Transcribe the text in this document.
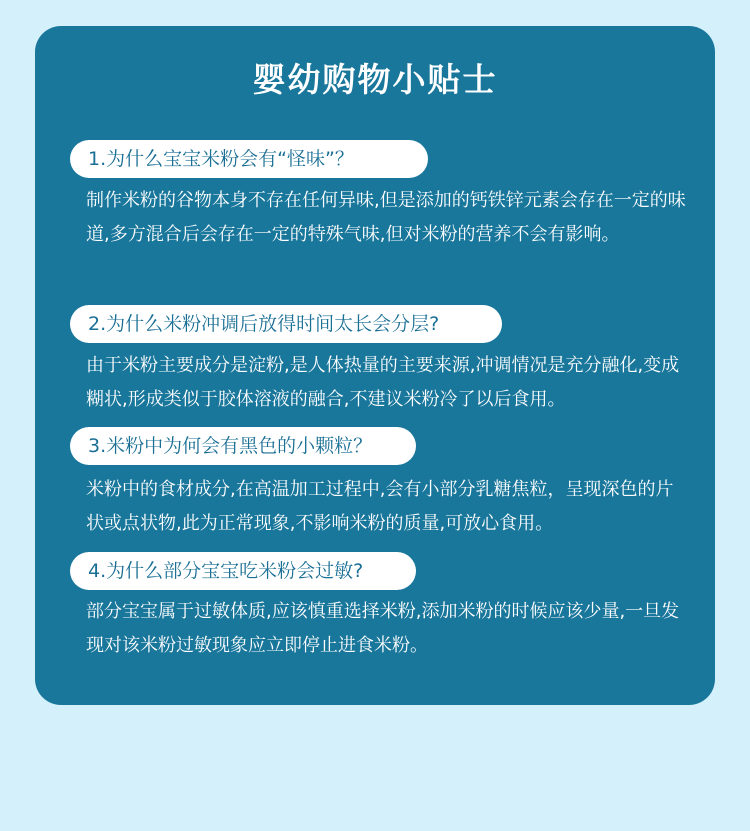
婴幼购物小贴士
1.为什么宝宝米粉会有“怪味”？

制作米粉的谷物本身不存在任何异味,但是添加的钙铁锌元素会存在一定的味道,多方混合后会存在一定的特殊气味,但对米粉的营养不会有影响。

2.为什么米粉冲调后放得时间太长会分层?

由于米粉主要成分是淀粉,是人体热量的主要来源,冲调情况是充分融化,变成糊状,形成类似于胶体溶液的融合,不建议米粉冷了以后食用。

3.米粉中为何会有黑色的小颗粒？

米粉中的食材成分,在高温加工过程中,会有小部分乳糖焦粒，呈现深色的片状或点状物,此为正常现象,不影响米粉的质量,可放心食用。

4.为什么部分宝宝吃米粉会过敏?

部分宝宝属于过敏体质,应该慎重选择米粉,添加米粉的时候应该少量,一旦发现对该米粉过敏现象应立即停止进食米粉。
